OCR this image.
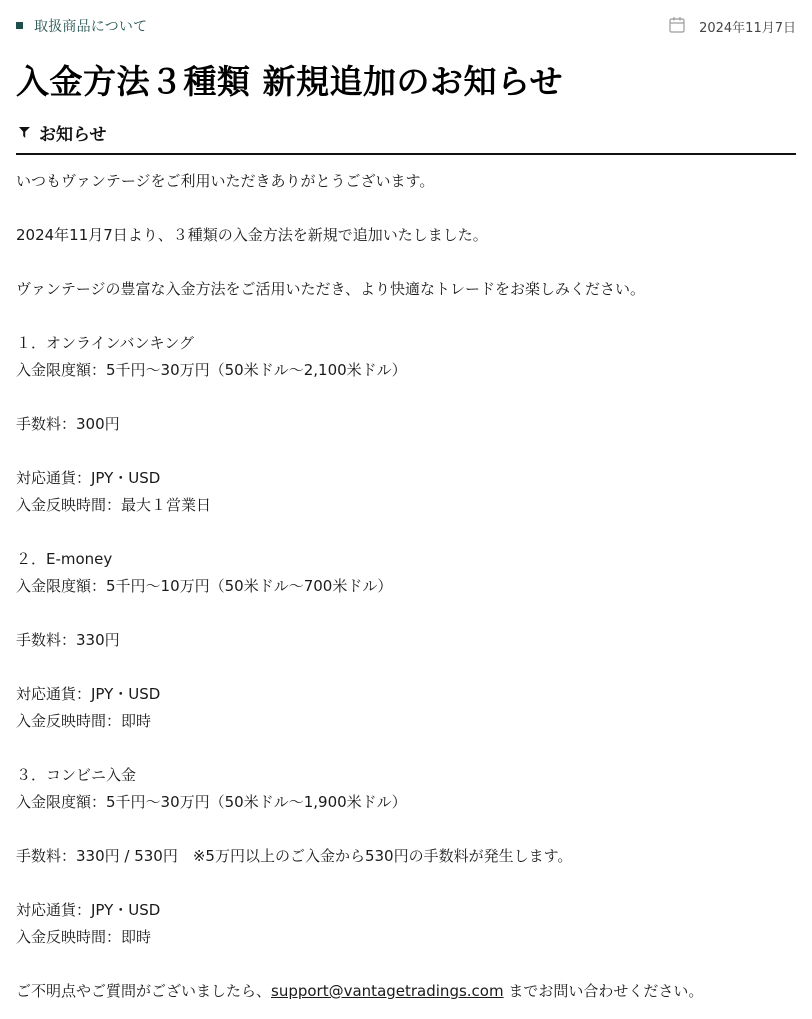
取扱商品について	2024年11月7日
入金方法３種類 新規追加のお知らせ
お知らせ
いつもヴァンテージをご利用いただきありがとうございます。
2024年11月7日より、３種類の入金方法を新規で追加いたしました。
ヴァンテージの豊富な入金方法をご活用いただき、より快適なトレードをお楽しみください。
１．オンラインバンキング
入金限度額：5千円〜30万円（50米ドル〜2,100米ドル）
手数料：300円
対応通貨：JPY・USD
入金反映時間：最大１営業日
２．E-money
入金限度額：5千円〜10万円（50米ドル〜700米ドル）
手数料：330円
対応通貨：JPY・USD
入金反映時間：即時
３．コンビニ入金
入金限度額：5千円〜30万円（50米ドル〜1,900米ドル）
手数料：330円 / 530円　※5万円以上のご入金から530円の手数料が発生します。
対応通貨：JPY・USD
入金反映時間：即時
ご不明点やご質問がございましたら、support@vantagetradings.com までお問い合わせください。
